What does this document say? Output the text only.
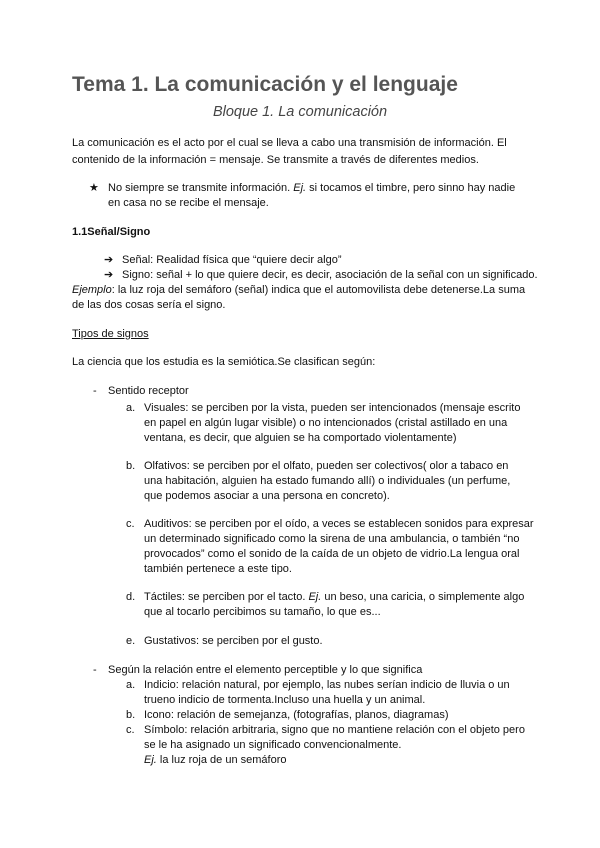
Tema 1. La comunicación y el lenguaje
Bloque 1. La comunicación

La comunicación es el acto por el cual se lleva a cabo una transmisión de información. El contenido de la información = mensaje. Se transmite a través de diferentes medios.

★ No siempre se transmite información. Ej. si tocamos el timbre, pero sinno hay nadie en casa no se recibe el mensaje.
1.1Señal/Signo
➔ Señal: Realidad física que “quiere decir algo”
➔ Signo: señal + lo que quiere decir, es decir, asociación de la señal con un significado.
Ejemplo: la luz roja del semáforo (señal) indica que el automovilista debe detenerse.La suma de las dos cosas sería el signo.
Tipos de signos
La ciencia que los estudia es la semiótica.Se clasifican según:
- Sentido receptor
a. Visuales: se perciben por la vista, pueden ser intencionados (mensaje escrito en papel en algún lugar visible) o no intencionados (cristal astillado en una ventana, es decir, que alguien se ha comportado violentamente)
b. Olfativos: se perciben por el olfato, pueden ser colectivos( olor a tabaco en una habitación, alguien ha estado fumando allí) o individuales (un perfume, que podemos asociar a una persona en concreto).
c. Auditivos: se perciben por el oído, a veces se establecen sonidos para expresar un determinado significado como la sirena de una ambulancia, o también “no provocados” como el sonido de la caída de un objeto de vidrio.La lengua oral también pertenece a este tipo.
d. Táctiles: se perciben por el tacto. Ej. un beso, una caricia, o simplemente algo que al tocarlo percibimos su tamaño, lo que es...
e. Gustativos: se perciben por el gusto.
- Según la relación entre el elemento perceptible y lo que significa
a. Indicio: relación natural, por ejemplo, las nubes serían indicio de lluvia o un trueno indicio de tormenta.Incluso una huella y un animal.
b. Icono: relación de semejanza, (fotografías, planos, diagramas)
c. Símbolo: relación arbitraria, signo que no mantiene relación con el objeto pero se le ha asignado un significado convencionalmente.
Ej. la luz roja de un semáforo
